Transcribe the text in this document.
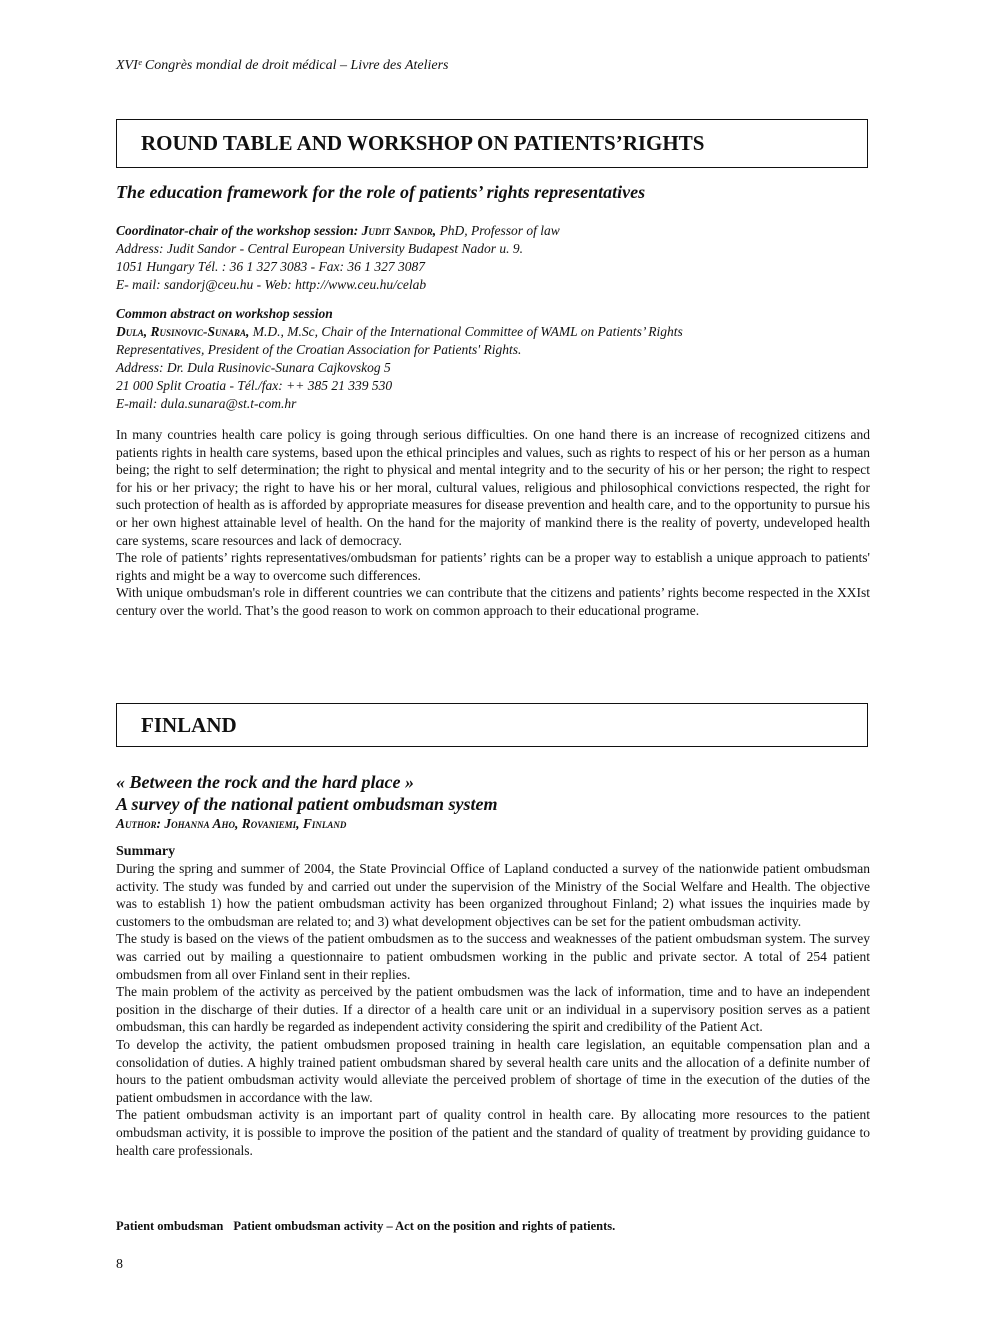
XVIᵉ Congrès mondial de droit médical – Livre des Ateliers
ROUND TABLE AND WORKSHOP ON PATIENTS’RIGHTS
The education framework for the role of patients’ rights representatives
Coordinator-chair of the workshop session: Judit Sandor, PhD, Professor of law
Address: Judit Sandor - Central European University Budapest Nador u. 9.
1051 Hungary Tél. : 36 1 327 3083 - Fax: 36 1 327 3087
E- mail: sandorj@ceu.hu - Web: http://www.ceu.hu/celab
Common abstract on workshop session
Dula, Rusinovic-Sunara, M.D., M.Sc, Chair of the International Committee of WAML on Patients’ Rights
Representatives, President of the Croatian Association for Patients' Rights.
Address: Dr. Dula Rusinovic-Sunara Cajkovskog 5
21 000 Split Croatia - Tél./fax: ++ 385 21 339 530
E-mail: dula.sunara@st.t-com.hr

In many countries health care policy is going through serious difficulties. On one hand there is an increase of recognized citizens and patients rights in health care systems, based upon the ethical principles and values, such as rights to respect of his or her person as a human being; the right to self determination; the right to physical and mental integrity and to the security of his or her person; the right to respect for his or her privacy; the right to have his or her moral, cultural values, religious and philosophical convictions respected, the right for such protection of health as is afforded by appropriate measures for disease prevention and health care, and to the opportunity to pursue his or her own highest attainable level of health. On the hand for the majority of mankind there is the reality of poverty, undeveloped health care systems, scare resources and lack of democracy.

The role of patients’ rights representatives/ombudsman for patients’ rights can be a proper way to establish a unique approach to patients' rights and might be a way to overcome such differences.

With unique ombudsman's role in different countries we can contribute that the citizens and patients’ rights become respected in the XXIst century over the world. That’s the good reason to work on common approach to their educational programe.

FINLAND
« Between the rock and the hard place »
A survey of the national patient ombudsman system
Author: Johanna Aho, Rovaniemi, Finland
Summary

During the spring and summer of 2004, the State Provincial Office of Lapland conducted a survey of the nationwide patient ombudsman activity. The study was funded by and carried out under the supervision of the Ministry of the Social Welfare and Health. The objective was to establish 1) how the patient ombudsman activity has been organized throughout Finland; 2) what issues the inquiries made by customers to the ombudsman are related to; and 3) what development objectives can be set for the patient ombudsman activity.

The study is based on the views of the patient ombudsmen as to the success and weaknesses of the patient ombudsman system. The survey was carried out by mailing a questionnaire to patient ombudsmen working in the public and private sector. A total of 254 patient ombudsmen from all over Finland sent in their replies.

The main problem of the activity as perceived by the patient ombudsmen was the lack of information, time and to have an independent position in the discharge of their duties. If a director of a health care unit or an individual in a supervisory position serves as a patient ombudsman, this can hardly be regarded as independent activity considering the spirit and credibility of the Patient Act.

To develop the activity, the patient ombudsmen proposed training in health care legislation, an equitable compensation plan and a consolidation of duties. A highly trained patient ombudsman shared by several health care units and the allocation of a definite number of hours to the patient ombudsman activity would alleviate the perceived problem of shortage of time in the execution of the duties of the patient ombudsmen in accordance with the law.

The patient ombudsman activity is an important part of quality control in health care. By allocating more resources to the patient ombudsman activity, it is possible to improve the position of the patient and the standard of quality of treatment by providing guidance to health care professionals.

Patient ombudsman Patient ombudsman activity – Act on the position and rights of patients.
8
